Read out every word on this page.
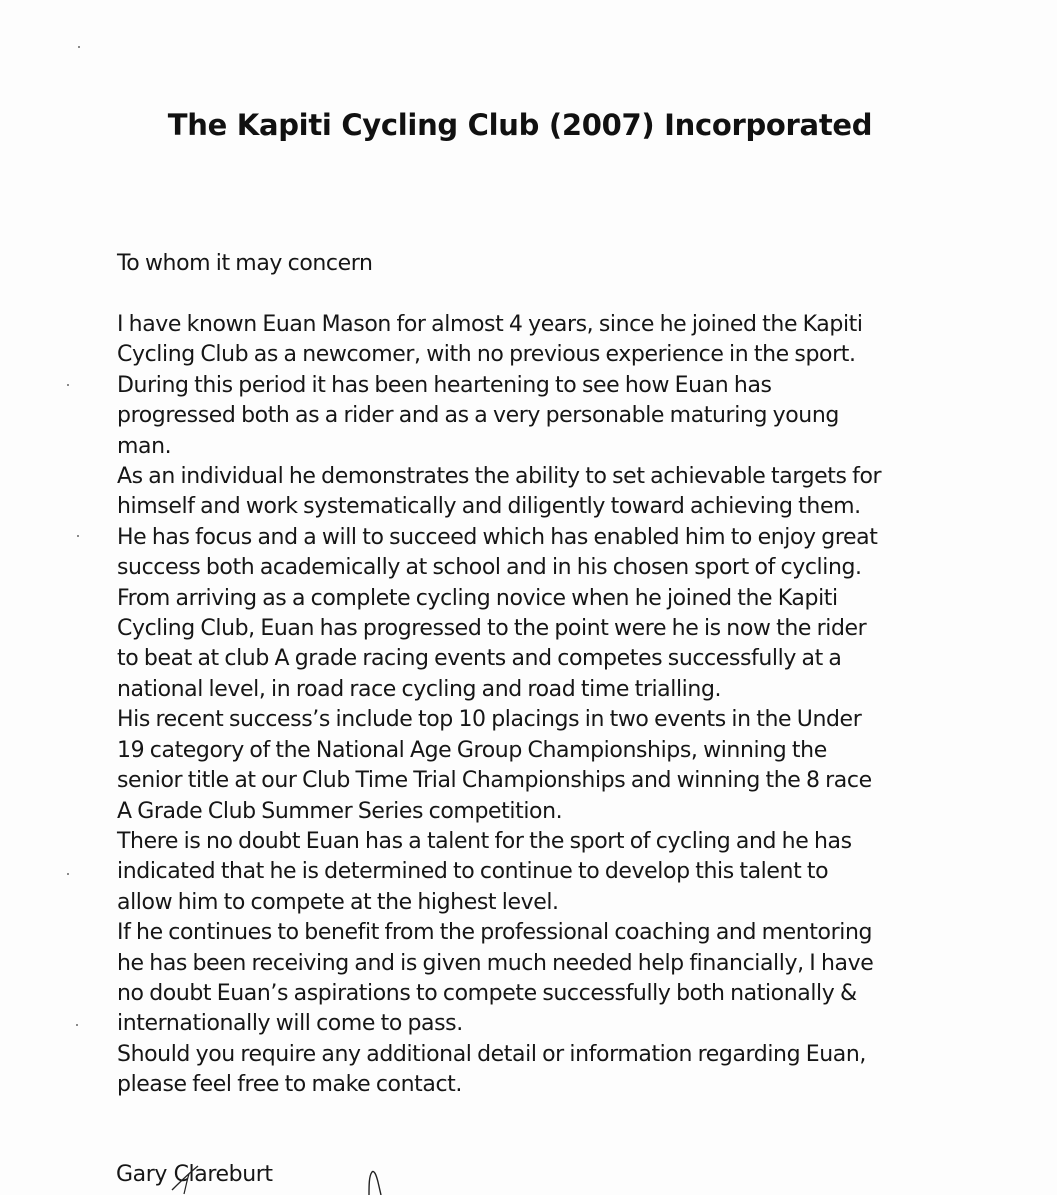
The Kapiti Cycling Club (2007) Incorporated

To whom it may concern

I have known Euan Mason for almost 4 years, since he joined the Kapiti
Cycling Club as a newcomer, with no previous experience in the sport.
During this period it has been heartening to see how Euan has
progressed both as a rider and as a very personable maturing young
man.
As an individual he demonstrates the ability to set achievable targets for
himself and work systematically and diligently toward achieving them.
He has focus and a will to succeed which has enabled him to enjoy great
success both academically at school and in his chosen sport of cycling.
From arriving as a complete cycling novice when he joined the Kapiti
Cycling Club, Euan has progressed to the point were he is now the rider
to beat at club A grade racing events and competes successfully at a
national level, in road race cycling and road time trialling.
His recent success’s include top 10 placings in two events in the Under
19 category of the National Age Group Championships, winning the
senior title at our Club Time Trial Championships and winning the 8 race
A Grade Club Summer Series competition.
There is no doubt Euan has a talent for the sport of cycling and he has
indicated that he is determined to continue to develop this talent to
allow him to compete at the highest level.
If he continues to benefit from the professional coaching and mentoring
he has been receiving and is given much needed help financially, I have
no doubt Euan’s aspirations to compete successfully both nationally &
internationally will come to pass.
Should you require any additional detail or information regarding Euan,
please feel free to make contact.

Gary Clareburt
